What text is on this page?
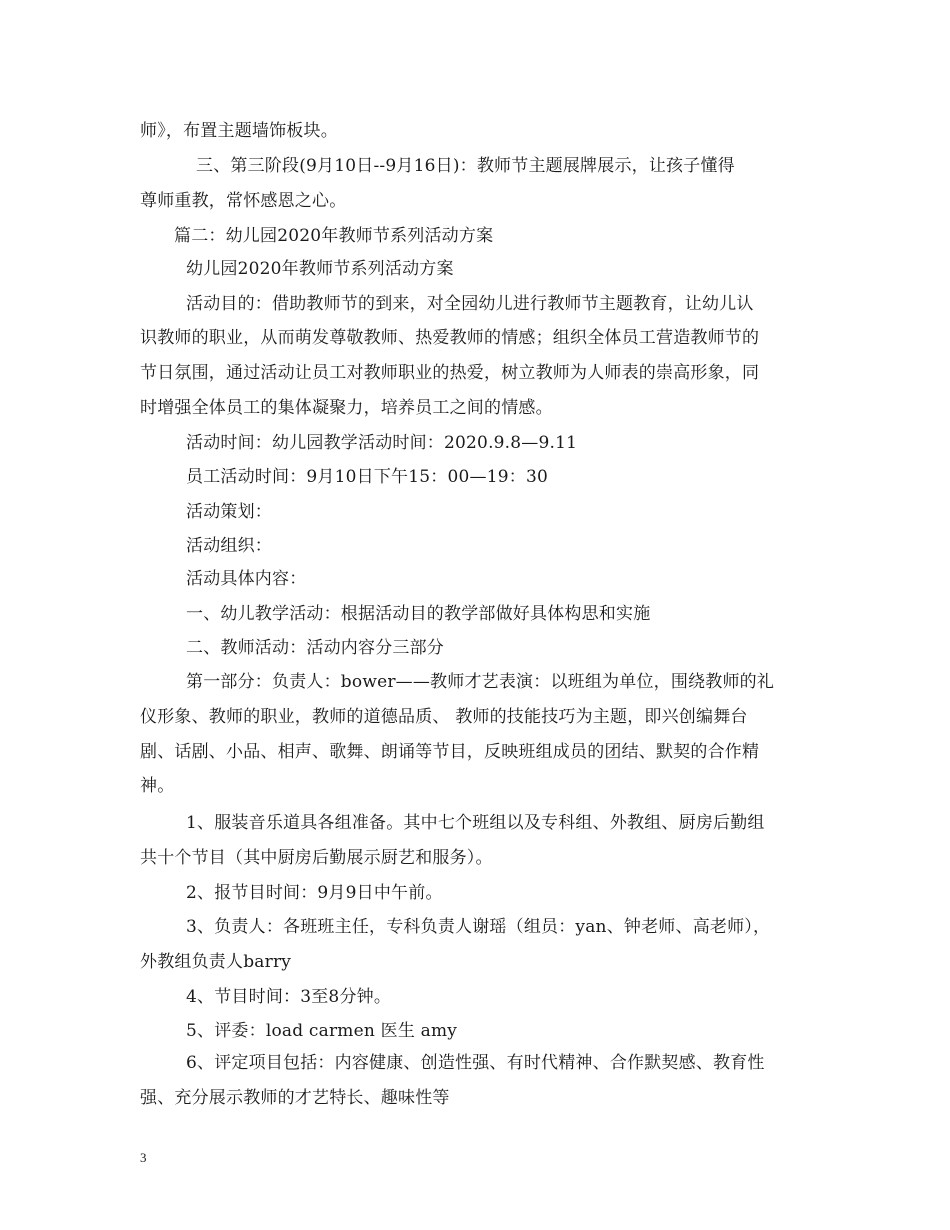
师》，布置主题墙饰板块。
三、第三阶段(9月10日--9月16日)：教师节主题展牌展示，让孩子懂得
尊师重教，常怀感恩之心。
篇二：幼儿园2020年教师节系列活动方案
幼儿园2020年教师节系列活动方案
活动目的：借助教师节的到来，对全园幼儿进行教师节主题教育，让幼儿认
识教师的职业，从而萌发尊敬教师、热爱教师的情感；组织全体员工营造教师节的
节日氛围，通过活动让员工对教师职业的热爱，树立教师为人师表的崇高形象，同
时增强全体员工的集体凝聚力，培养员工之间的情感。
活动时间：幼儿园教学活动时间：2020.9.8—9.11
员工活动时间：9月10日下午15：00—19：30
活动策划：
活动组织：
活动具体内容：
一、幼儿教学活动：根据活动目的教学部做好具体构思和实施
二、教师活动：活动内容分三部分
第一部分：负责人：bower——教师才艺表演：以班组为单位，围绕教师的礼
仪形象、教师的职业，教师的道德品质、 教师的技能技巧为主题，即兴创编舞台
剧、话剧、小品、相声、歌舞、朗诵等节目，反映班组成员的团结、默契的合作精
神。
1、服装音乐道具各组准备。其中七个班组以及专科组、外教组、厨房后勤组
共十个节目（其中厨房后勤展示厨艺和服务）。
2、报节目时间：9月9日中午前。
3、负责人：各班班主任，专科负责人谢瑶（组员：yan、钟老师、高老师），
外教组负责人barry
4、节目时间：3至8分钟。
5、评委：load carmen 医生 amy
6、评定项目包括：内容健康、创造性强、有时代精神、合作默契感、教育性
强、充分展示教师的才艺特长、趣味性等
3
